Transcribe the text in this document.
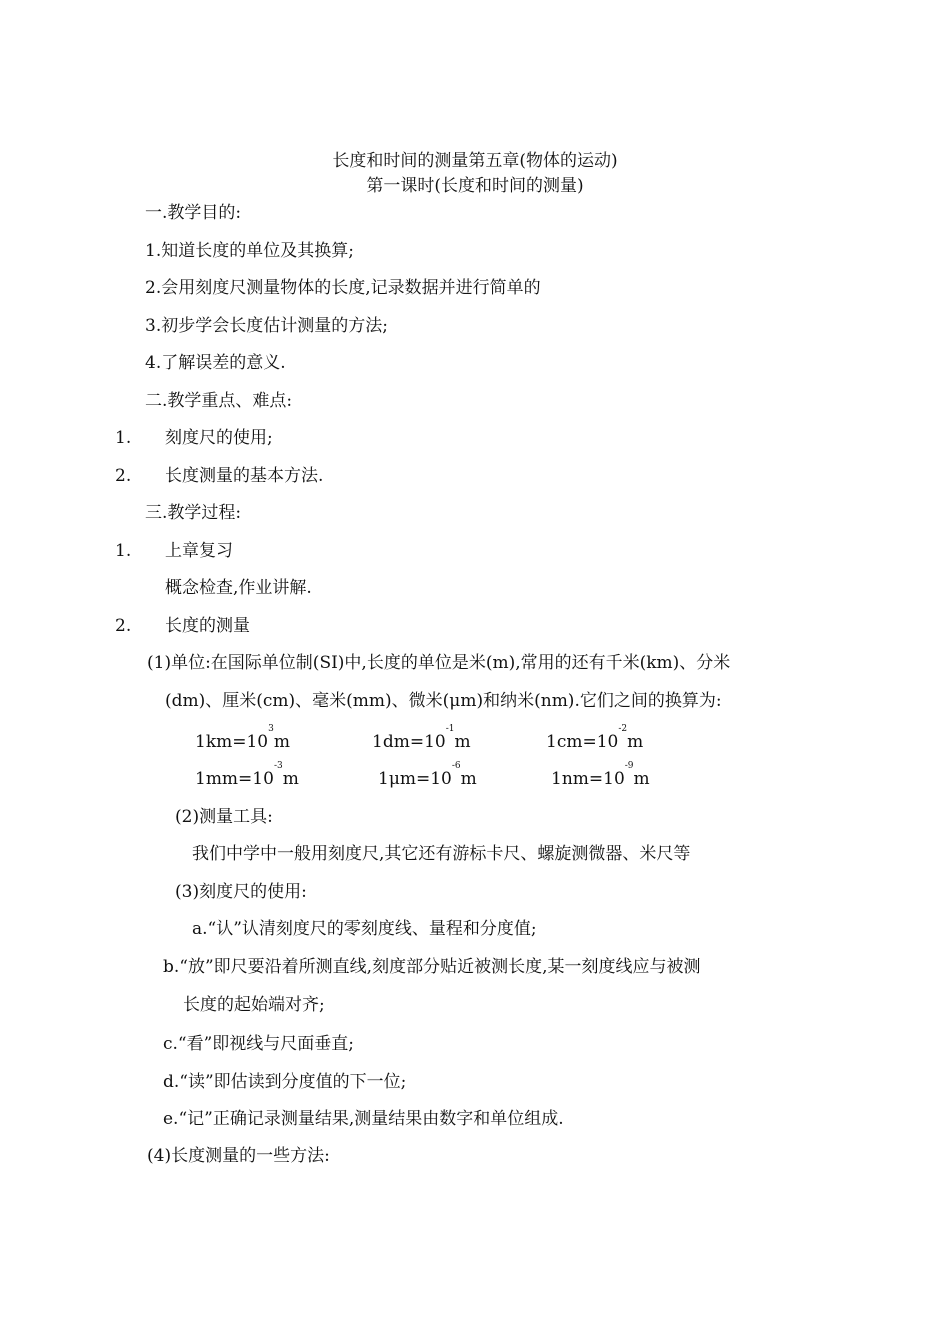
长度和时间的测量第五章(物体的运动)
第一课时(长度和时间的测量)
一.教学目的:
1.知道长度的单位及其换算;
2.会用刻度尺测量物体的长度,记录数据并进行简单的
3.初步学会长度估计测量的方法;
4.了解误差的意义.
二.教学重点、难点:
1. 刻度尺的使用;
2. 长度测量的基本方法.
三.教学过程:
1. 上章复习
概念检查,作业讲解.
2. 长度的测量
(1)单位:在国际单位制(SI)中,长度的单位是米(m),常用的还有千米(km)、分米
(dm)、厘米(cm)、毫米(mm)、微米(μm)和纳米(nm).它们之间的换算为:
$1km=10^3m$	$1dm=10^{-1}m$	$1cm=10^{-2}m$
$1mm=10^{-3}m$	$1\mu m=10^{-6}m$	$1nm=10^{-9}m$
(2)测量工具:
我们中学中一般用刻度尺,其它还有游标卡尺、螺旋测微器、米尺等
(3)刻度尺的使用:
a.“认”认清刻度尺的零刻度线、量程和分度值;
b.“放”即尺要沿着所测直线,刻度部分贴近被测长度,某一刻度线应与被测
长度的起始端对齐;
c.“看”即视线与尺面垂直;
d.“读”即估读到分度值的下一位;
e.“记”正确记录测量结果,测量结果由数字和单位组成.
(4)长度测量的一些方法:
